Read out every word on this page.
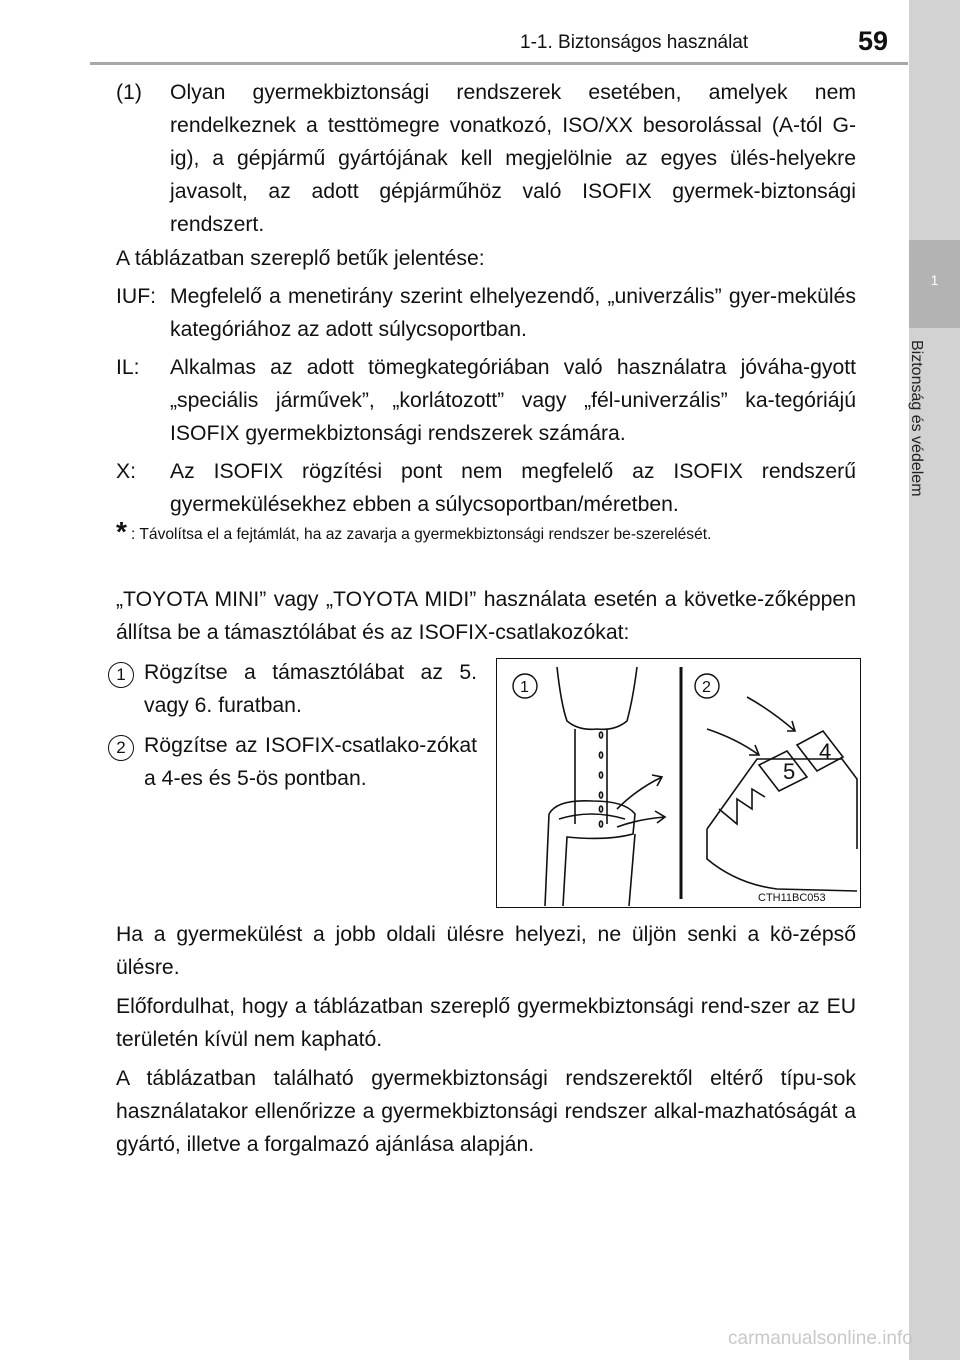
1-1. Biztonságos használat	59
1
Biztonság és védelem
(1) Olyan gyermekbiztonsági rendszerek esetében, amelyek nem rendelkeznek a testtömegre vonatkozó, ISO/XX besorolással (A-tól G-ig), a gépjármű gyártójának kell megjelölnie az egyes ülés-helyekre javasolt, az adott gépjárműhöz való ISOFIX gyermek-biztonsági rendszert.
A táblázatban szereplő betűk jelentése:
IUF: Megfelelő a menetirány szerint elhelyezendő, „univerzális” gyer-mekülés kategóriához az adott súlycsoportban.
IL: Alkalmas az adott tömegkategóriában való használatra jóváha-gyott „speciális járművek”, „korlátozott” vagy „fél-univerzális” ka-tegóriájú ISOFIX gyermekbiztonsági rendszerek számára.
X: Az ISOFIX rögzítési pont nem megfelelő az ISOFIX rendszerű gyermekülésekhez ebben a súlycsoportban/méretben.
* : Távolítsa el a fejtámlát, ha az zavarja a gyermekbiztonsági rendszer be-szerelését.
„TOYOTA MINI” vagy „TOYOTA MIDI” használata esetén a követke-zőképpen állítsa be a támasztólábat és az ISOFIX-csatlakozókat:
1 Rögzítse a támasztólábat az 5. vagy 6. furatban.
2 Rögzítse az ISOFIX-csatlako-zókat a 4-es és 5-ös pontban.	5
4
1	2
CTH11BC053
Ha a gyermekülést a jobb oldali ülésre helyezi, ne üljön senki a kö-zépső ülésre.
Előfordulhat, hogy a táblázatban szereplő gyermekbiztonsági rend-szer az EU területén kívül nem kapható.
A táblázatban található gyermekbiztonsági rendszerektől eltérő típu-sok használatakor ellenőrizze a gyermekbiztonsági rendszer alkal-mazhatóságát a gyártó, illetve a forgalmazó ajánlása alapján.
carmanualsonline.info
